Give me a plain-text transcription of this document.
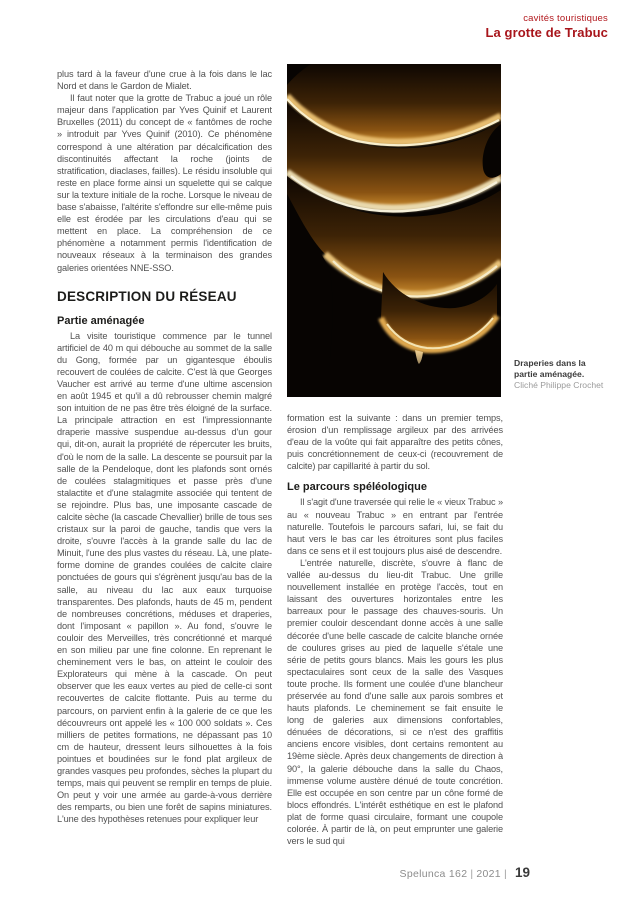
cavités touristiques
La grotte de Trabuc

plus tard à la faveur d'une crue à la fois dans le lac Nord et dans le Gardon de Mialet.

Il faut noter que la grotte de Trabuc a joué un rôle majeur dans l'application par Yves Quinif et Laurent Bruxelles (2011) du concept de « fantômes de roche » introduit par Yves Quinif (2010). Ce phénomène correspond à une altération par décalcification des discontinuités affectant la roche (joints de stratification, diaclases, failles). Le résidu insoluble qui reste en place forme ainsi un squelette qui se calque sur la texture initiale de la roche. Lorsque le niveau de base s'abaisse, l'altérite s'effondre sur elle-même puis elle est érodée par les circulations d'eau qui se mettent en place. La compréhension de ce phénomène a notamment permis l'identification de nouveaux réseaux à la terminaison des grandes galeries orientées NNE-SSO.

DESCRIPTION DU RÉSEAU
Partie aménagée

La visite touristique commence par le tunnel artificiel de 40 m qui débouche au sommet de la salle du Gong, formée par un gigantesque éboulis recouvert de coulées de calcite. C'est là que Georges Vaucher est arrivé au terme d'une ultime ascension en août 1945 et qu'il a dû rebrousser chemin malgré son intuition de ne pas être très éloigné de la surface. La principale attraction en est l'impressionnante draperie massive suspendue au-dessus d'un gour qui, dit-on, aurait la propriété de répercuter les bruits, d'où le nom de la salle. La descente se poursuit par la salle de la Pendeloque, dont les plafonds sont ornés de coulées stalagmitiques et passe près d'une stalactite et d'une stalagmite associée qui tentent de se rejoindre. Plus bas, une imposante cascade de calcite sèche (la cascade Chevallier) brille de tous ses cristaux sur la paroi de gauche, tandis que vers la droite, s'ouvre l'accès à la grande salle du lac de Minuit, l'une des plus vastes du réseau. Là, une plate-forme domine de grandes coulées de calcite claire ponctuées de gours qui s'égrènent jusqu'au bas de la salle, au niveau du lac aux eaux turquoise transparentes. Des plafonds, hauts de 45 m, pendent de nombreuses concrétions, méduses et draperies, dont l'imposant « papillon ». Au fond, s'ouvre le couloir des Merveilles, très concrétionné et marqué en son milieu par une fine colonne. En reprenant le cheminement vers le bas, on atteint le couloir des Explorateurs qui mène à la cascade. On peut observer que les eaux vertes au pied de celle-ci sont recouvertes de calcite flottante. Puis au terme du parcours, on parvient enfin à la galerie de ce que les découvreurs ont appelé les « 100 000 soldats ». Ces milliers de petites formations, ne dépassant pas 10 cm de hauteur, dressent leurs silhouettes à la fois pointues et boudinées sur le fond plat argileux de grandes vasques peu profondes, sèches la plupart du temps, mais qui peuvent se remplir en temps de pluie. On peut y voir une armée au garde-à-vous derrière des remparts, ou bien une forêt de sapins miniatures. L'une des hypothèses retenues pour expliquer leur

Draperies dans la partie aménagée.
Cliché Philippe Crochet

formation est la suivante : dans un premier temps, érosion d'un remplissage argileux par des arrivées d'eau de la voûte qui fait apparaître des petits cônes, puis concrétionnement de ceux-ci (recouvrement de calcite) par capillarité à partir du sol.

Le parcours spéléologique

Il s'agit d'une traversée qui relie le « vieux Trabuc » au « nouveau Trabuc » en entrant par l'entrée naturelle. Toutefois le parcours safari, lui, se fait du haut vers le bas car les étroitures sont plus faciles dans ce sens et il est toujours plus aisé de descendre.

L'entrée naturelle, discrète, s'ouvre à flanc de vallée au-dessus du lieu-dit Trabuc. Une grille nouvellement installée en protège l'accès, tout en laissant des ouvertures horizontales entre les barreaux pour le passage des chauves-souris. Un premier couloir descendant donne accès à une salle décorée d'une belle cascade de calcite blanche ornée de coulures grises au pied de laquelle s'étale une série de petits gours blancs. Mais les gours les plus spectaculaires sont ceux de la salle des Vasques toute proche. Ils forment une coulée d'une blancheur préservée au fond d'une salle aux parois sombres et hauts plafonds. Le cheminement se fait ensuite le long de galeries aux dimensions confortables, dénuées de décorations, si ce n'est des graffitis anciens encore visibles, dont certains remontent au 19ème siècle. Après deux changements de direction à 90°, la galerie débouche dans la salle du Chaos, immense volume austère dénué de toute concrétion. Elle est occupée en son centre par un cône formé de blocs effondrés. L'intérêt esthétique en est le plafond plat de forme quasi circulaire, formant une coupole colorée. À partir de là, on peut emprunter une galerie vers le sud qui

Spelunca 162 | 2021 | 19
